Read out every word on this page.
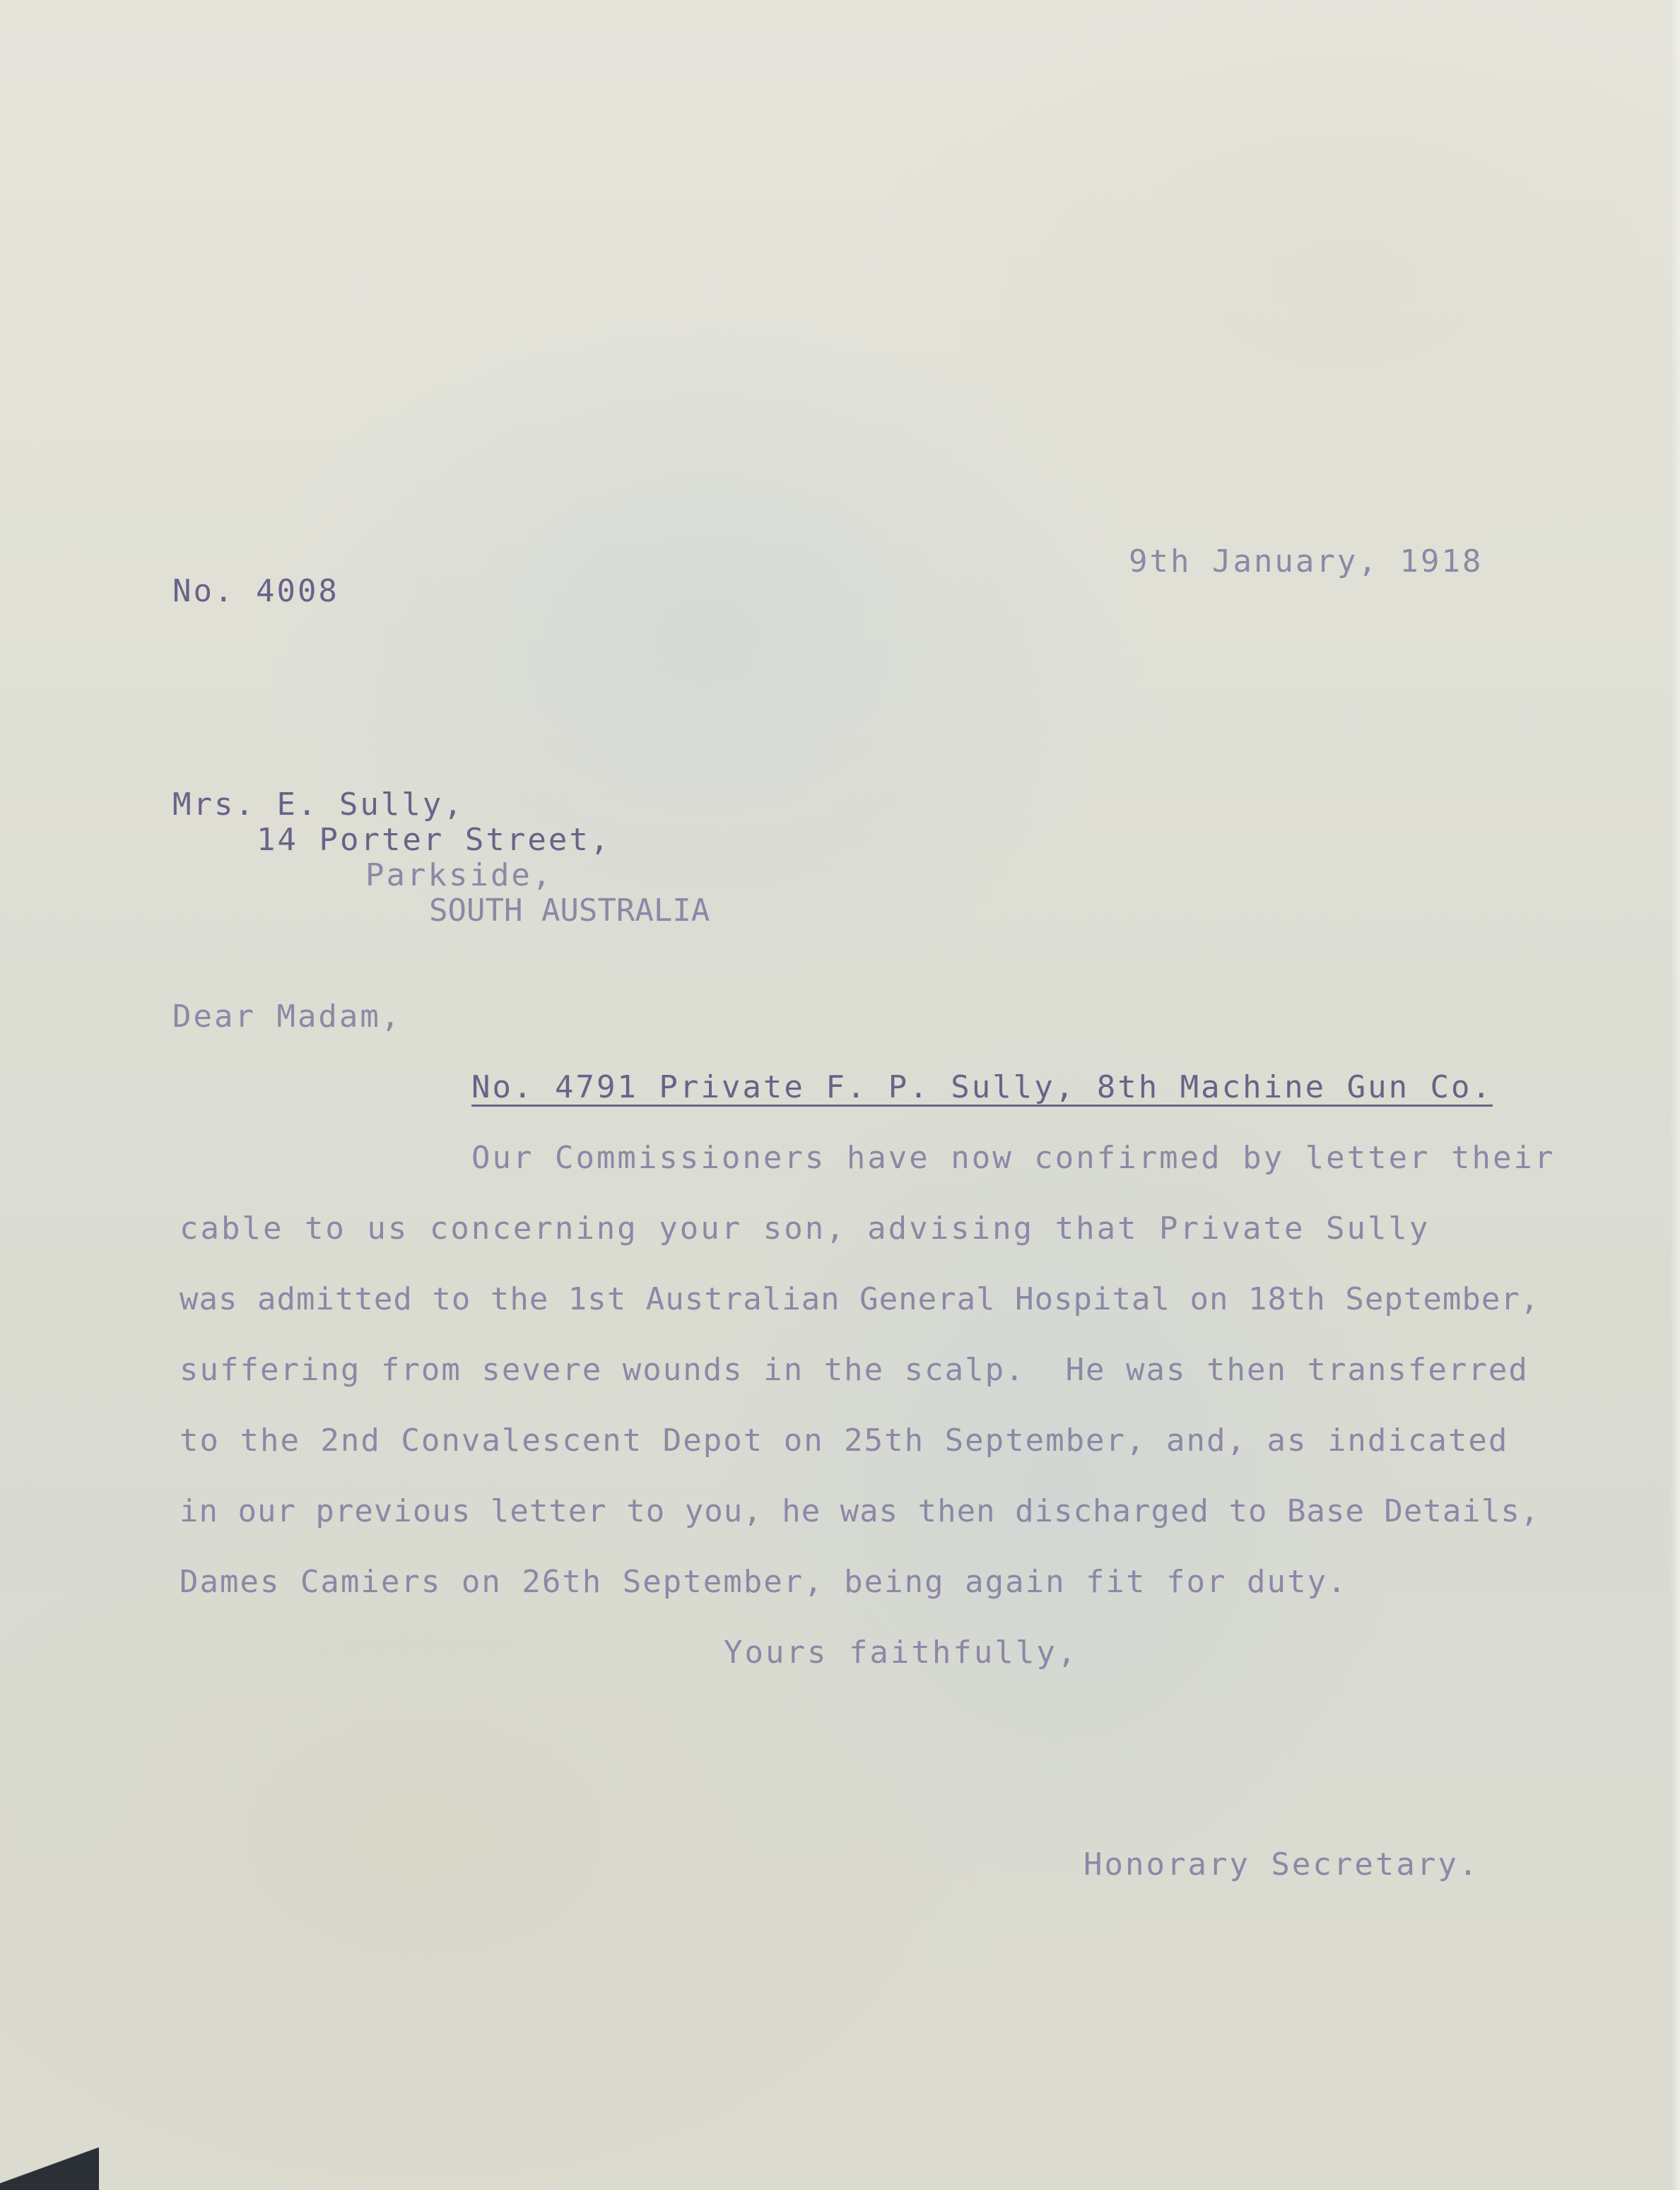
No. 4008
9th January, 1918
Mrs. E. Sully,
14 Porter Street,
Parkside,
SOUTH AUSTRALIA
Dear Madam,
No. 4791 Private F. P. Sully, 8th Machine Gun Co.
Our Commissioners have now confirmed by letter their
cable to us concerning your son, advising that Private Sully
was admitted to the 1st Australian General Hospital on 18th September,
suffering from severe wounds in the scalp.  He was then transferred
to the 2nd Convalescent Depot on 25th September, and, as indicated
in our previous letter to you, he was then discharged to Base Details,
Dames Camiers on 26th September, being again fit for duty.
Yours faithfully,
Honorary Secretary.
